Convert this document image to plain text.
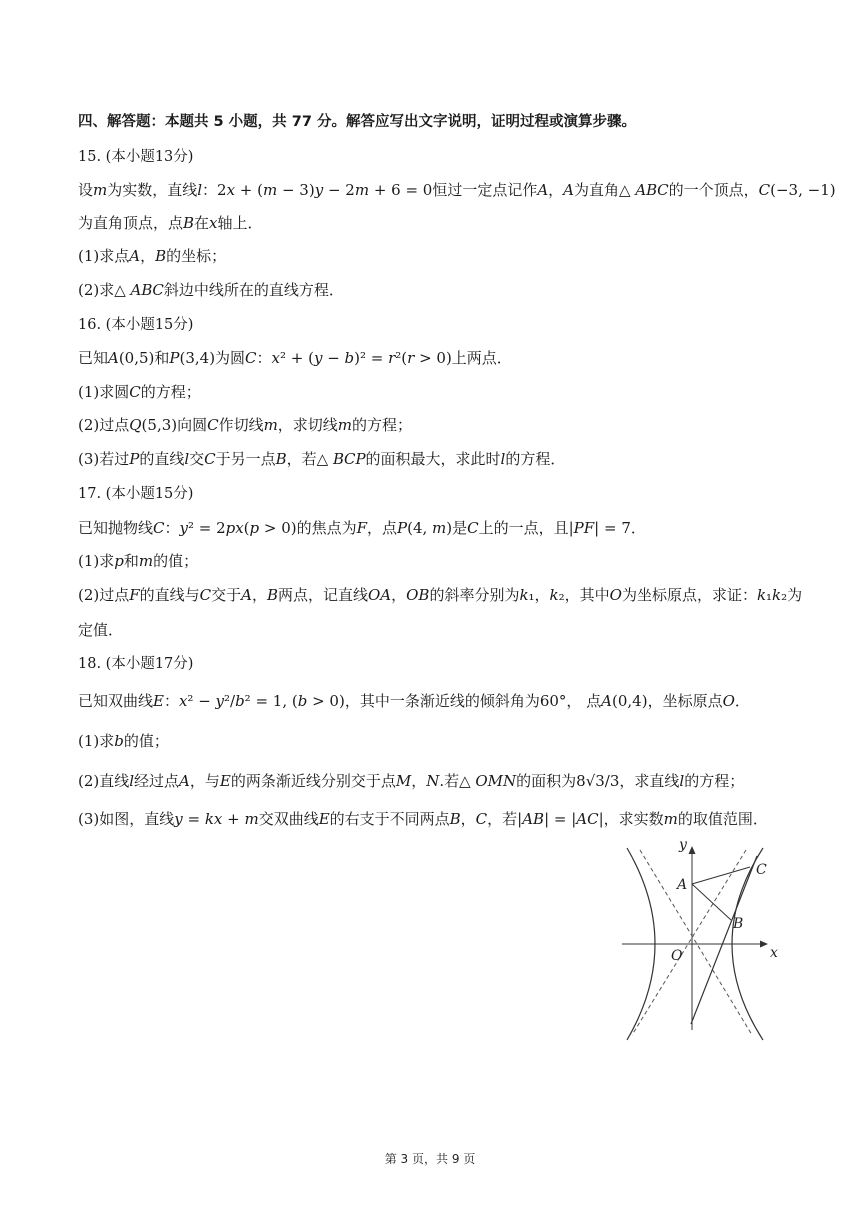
四、解答题：本题共 5 小题，共 77 分。解答应写出文字说明，证明过程或演算步骤。
15. (本小题13分)
设𝑚为实数，直线𝑙：2𝑥 + (𝑚 − 3)𝑦 − 2𝑚 + 6 = 0恒过一定点记作𝐴，𝐴为直角△ 𝐴𝐵𝐶的一个顶点，𝐶(−3, −1)
为直角顶点，点𝐵在𝑥轴上．
(1)求点𝐴，𝐵的坐标；
(2)求△ 𝐴𝐵𝐶斜边中线所在的直线方程．
16. (本小题15分)
已知𝐴(0,5)和𝑃(3,4)为圆𝐶：𝑥² + (𝑦 − 𝑏)² = 𝑟²(𝑟 > 0)上两点．
(1)求圆𝐶的方程；
(2)过点𝑄(5,3)向圆𝐶作切线𝑚，求切线𝑚的方程；
(3)若过𝑃的直线𝑙交𝐶于另一点𝐵，若△ 𝐵𝐶𝑃的面积最大，求此时𝑙的方程．
17. (本小题15分)
已知抛物线𝐶：𝑦² = 2𝑝𝑥(𝑝 > 0)的焦点为𝐹，点𝑃(4, 𝑚)是𝐶上的一点，且|𝑃𝐹| = 7．
(1)求𝑝和𝑚的值；
(2)过点𝐹的直线与𝐶交于𝐴，𝐵两点，记直线𝑂𝐴，𝑂𝐵的斜率分别为𝑘₁，𝑘₂，其中𝑂为坐标原点，求证：𝑘₁𝑘₂为
定值．
18. (本小题17分)
已知双曲线𝐸：𝑥² − 𝑦²/𝑏² = 1, (𝑏 > 0)，其中一条渐近线的倾斜角为60°， 点𝐴(0,4)，坐标原点𝑂．
(1)求𝑏的值；
(2)直线𝑙经过点𝐴，与𝐸的两条渐近线分别交于点𝑀，𝑁.若△ 𝑂𝑀𝑁的面积为8√3/3，求直线𝑙的方程；
(3)如图，直线𝑦 = 𝑘𝑥 + 𝑚交双曲线𝐸的右支于不同两点𝐵，𝐶，若|𝐴𝐵| = |𝐴𝐶|，求实数𝑚的取值范围．
y
x
A
B
C
O
第 3 页，共 9 页
